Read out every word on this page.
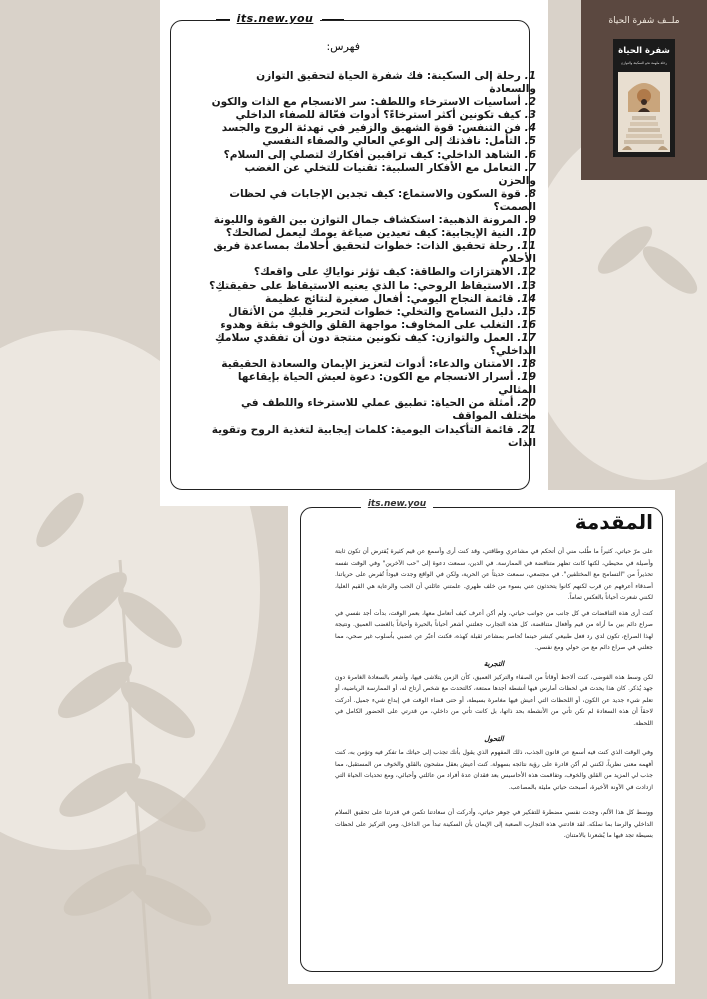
its.new.you
فهرس:
1. رحلة إلى السكينة: فك شفرة الحياة لتحقيق التوازن والسعادة
2. أساسيات الاسترخاء واللطف: سر الانسجام مع الذات والكون
3. كيف تكونين أكثر استرخاءً؟ أدوات فعّالة للصفاء الداخلي
4. فن التنفس: قوة الشهيق والزفير في تهدئة الروح والجسد
5. التأمل: نافذتك إلى الوعي العالي والصفاء النفسي
6. الشاهد الداخلي: كيف تراقبين أفكارك لتصلي إلى السلام؟
7. التعامل مع الأفكار السلبية: تقنيات للتخلي عن الغضب والحزن
8. قوة السكون والاستماع: كيف تجدين الإجابات في لحظات الصمت؟
9. المرونة الذهبية: استكشاف جمال التوازن بين القوة والليونة
10. النية الإيجابية: كيف تعيدين صياغة يومك ليعمل لصالحك؟
11. رحلة تحقيق الذات: خطوات لتحقيق أحلامك بمساعدة فريق الأحلام
12. الاهتزازات والطاقة: كيف تؤثر نواياكِ على واقعك؟
13. الاستيقاظ الروحي: ما الذي يعنيه الاستيقاظ على حقيقتكِ؟
14. قائمة النجاح اليومي: أفعال صغيرة لنتائج عظيمة
15. دليل التسامح والتخلي: خطوات لتحرير قلبكِ من الأثقال
16. التغلب على المخاوف: مواجهة القلق والخوف بثقة وهدوء
17. العمل والتوازن: كيف تكونين منتجة دون أن تفقدي سلامكِ الداخلي؟
18. الامتنان والدعاء: أدوات لتعزيز الإيمان والسعادة الحقيقية
19. أسرار الانسجام مع الكون: دعوة لعيش الحياة بإيقاعها المثالي
20. أمثلة من الحياة: تطبيق عملي للاسترخاء واللطف في مختلف المواقف
21. قائمة التأكيدات اليومية: كلمات إيجابية لتغذية الروح وتقوية الذات
ملــف شفرة الحياة
شفرة الحياة
رحلة ملهمة نحو السكينة والتوازن
its.new.you
المقدمة

على مرّ حياتي، كثيراً ما طُلب مني أن أتحكم في مشاعري وطاقتي، وقد كنت أرى وأسمع عن قيم كثيرة يُفترض أن تكون ثابتة وأصيلة في محيطي، لكنها كانت تظهر متناقضة في الممارسة. في الدين، سمعت دعوة إلى "حب الآخرين" وفي الوقت نفسه تحذيراً من "التسامح مع المختلفين". في مجتمعي، سمعت حديثاً عن الحرية، ولكن في الواقع وجدت قيوداً تُفرض على حرياتنا. أصدقاء أعرفهم عن قرب لكنهم كانوا يتحدثون عني بسوء من خلف ظهري. علمتني عائلتي أن الحب والرعاية هي القيم العليا، لكنني شعرت أحياناً بالعكس تماماً.

كنت أرى هذه التناقضات في كل جانب من جوانب حياتي، ولم أكن أعرف كيف أتعامل معها، بعمر الوقت، بدأت أجد نفسي في صراع دائم بين ما أراه من قيم وأفعال متناقضة، كل هذه التجارب جعلتني أشعر أحياناً بالحيرة وأحياناً بالغضب العميق. ونتيجة لهذا الصراع، تكون لدي رد فعل طبيعي كبشر حينما تُحاصر بمشاعر ثقيلة كهذه، فكنت أعبّر عن غضبي بأسلوب غير صحي، مما جعلني في صراع دائم مع من حولي ومع نفسي.

التجربة

لكن وسط هذه الفوضى، كنت ألاحظ أوقاتاً من الصفاء والتركيز العميق، كأن الزمن يتلاشى فيها، وأشعر بالسعادة الغامرة دون جهد يُذكر. كان هذا يحدث في لحظات أمارس فيها أنشطة أجدها ممتعة، كالتحدث مع شخص أرتاح له، أو الممارسة الرياضية، أو تعلم شيء جديد عن الكون، أو اللحظات التي أعيش فيها مغامرة بسيطة، أو حتى قضاء الوقت في إبداع شيء جميل. أدركت لاحقاً أن هذه السعادة لم تكن تأتي من الأنشطة بحد ذاتها، بل كانت تأتي من داخلي، من قدرتي على الحضور الكامل في اللحظة.

التحول

وفي الوقت الذي كنت فيه أسمع عن قانون الجذب، ذلك المفهوم الذي يقول بأنك تجذب إلى حياتك ما تفكر فيه وتؤمن به، كنت أفهمه معنى نظرياً، لكنني لم أكن قادرة على رؤية نتائجه بسهولة. كنت أعيش بعقل مشحون بالقلق والخوف من المستقبل، مما جذب لي المزيد من القلق والخوف، وتفاقمت هذه الأحاسيس بعد فقدان عدة أفراد من عائلتي وأحبائي، ومع تحديات الحياة التي ازدادت في الآونة الأخيرة، أصبحت حياتي مليئة بالمصاعب.

ووسط كل هذا الألم، وجدت نفسي مضطرة للتفكير في جوهر حياتي، وأدركت أن سعادتنا تكمن في قدرتنا على تحقيق السلام الداخلي والرضا بما نملكه. لقد قادتني هذه التجارب الصعبة إلى الإيمان بأن السكينة تبدأ من الداخل، ومن التركيز على لحظات بسيطة تجد فيها ما يُشعرنا بالامتنان.
